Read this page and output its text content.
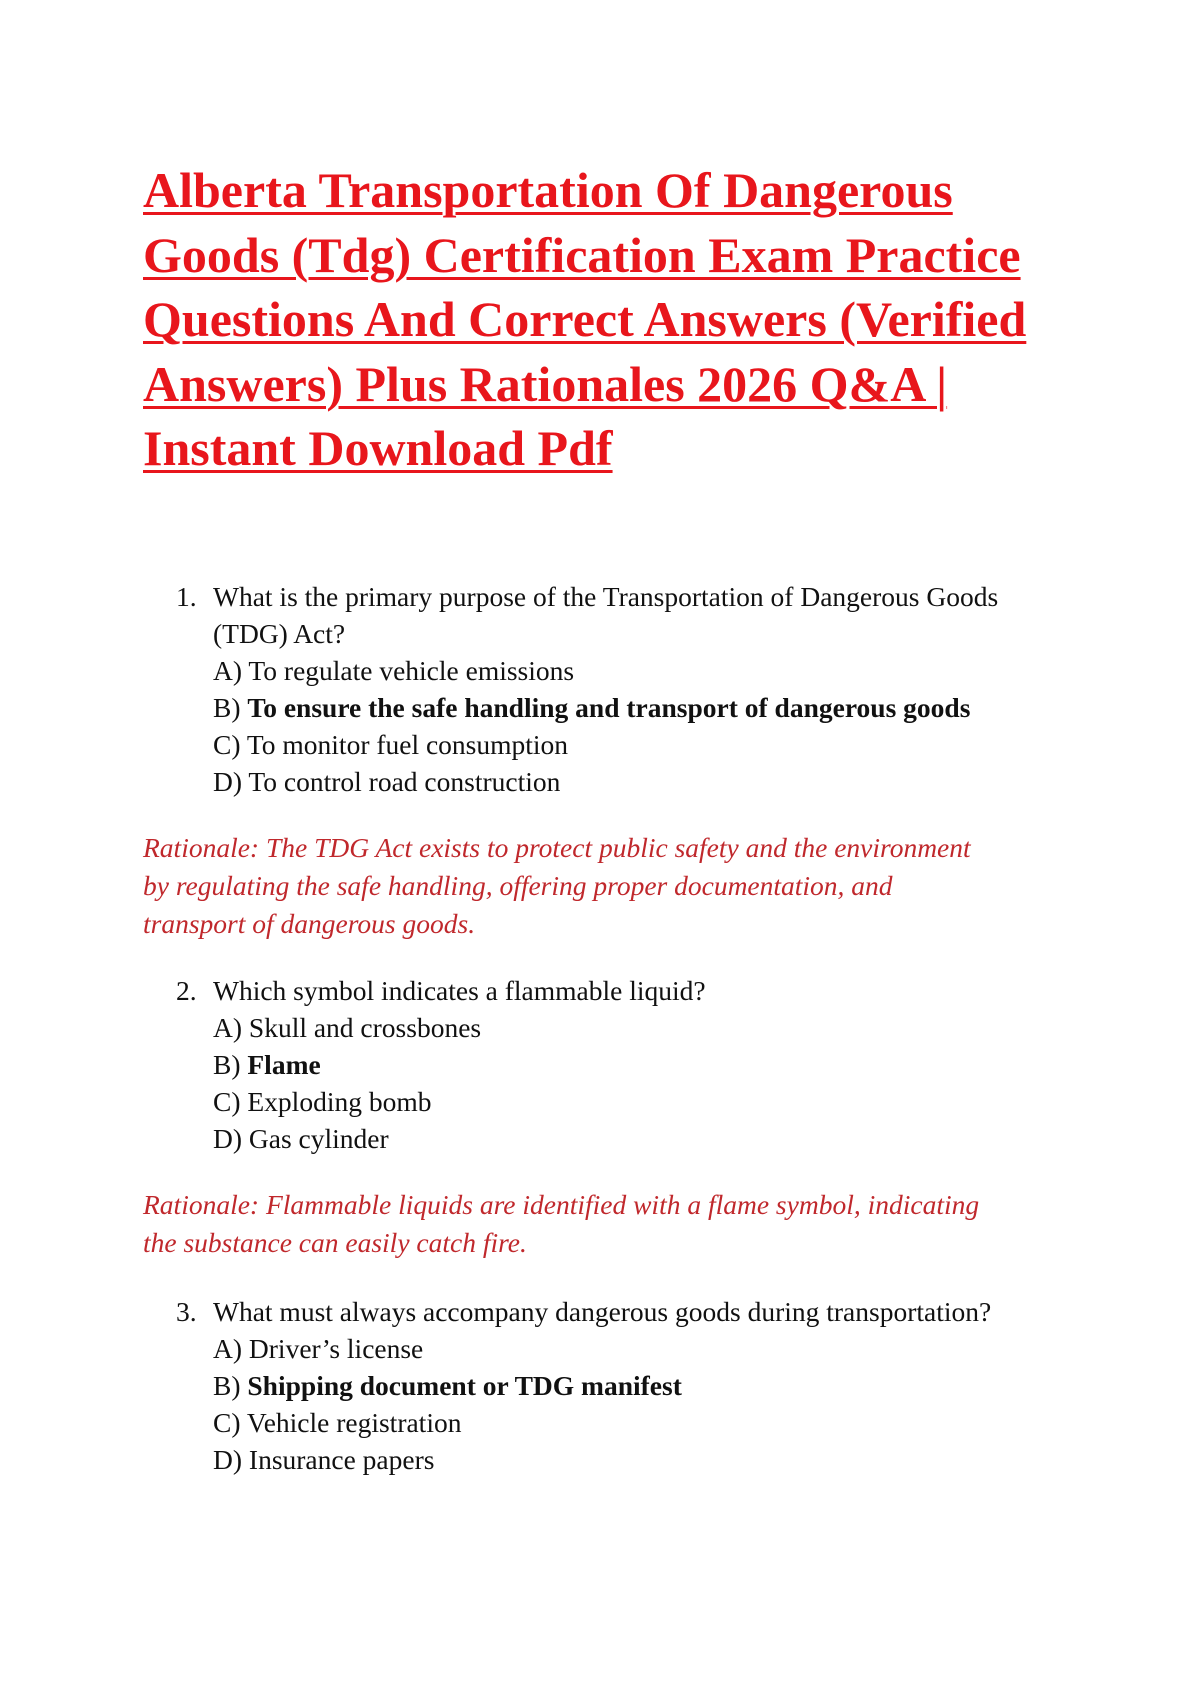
Alberta Transportation Of Dangerous
Goods (Tdg) Certification Exam Practice
Questions And Correct Answers (Verified
Answers) Plus Rationales 2026 Q&A |
Instant Download Pdf
1. What is the primary purpose of the Transportation of Dangerous Goods
(TDG) Act?
A) To regulate vehicle emissions
B) To ensure the safe handling and transport of dangerous goods
C) To monitor fuel consumption
D) To control road construction
Rationale: The TDG Act exists to protect public safety and the environment
by regulating the safe handling, offering proper documentation, and
transport of dangerous goods.
2. Which symbol indicates a flammable liquid?
A) Skull and crossbones
B) Flame
C) Exploding bomb
D) Gas cylinder
Rationale: Flammable liquids are identified with a flame symbol, indicating
the substance can easily catch fire.
3. What must always accompany dangerous goods during transportation?
A) Driver’s license
B) Shipping document or TDG manifest
C) Vehicle registration
D) Insurance papers
